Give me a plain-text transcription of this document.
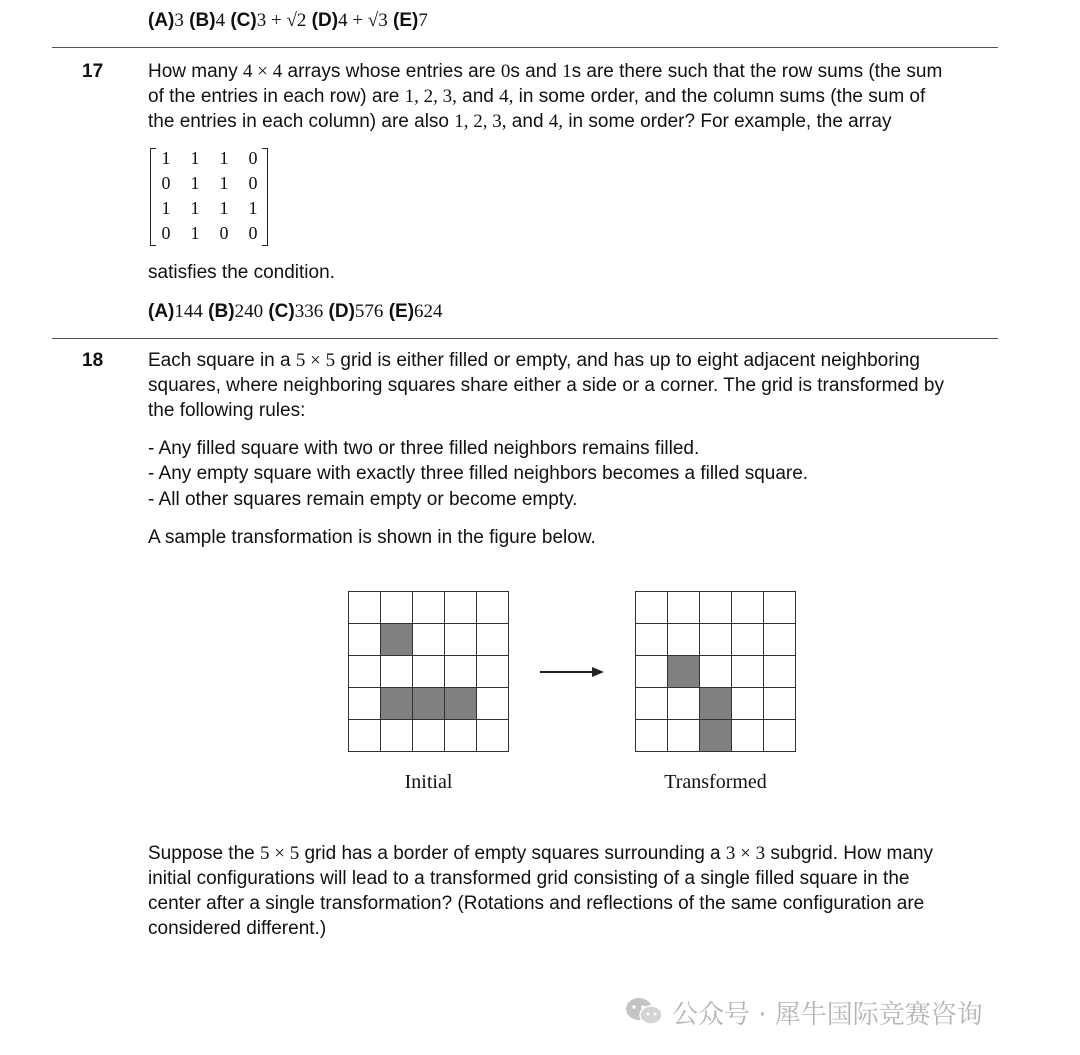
(A)3 (B)4 (C)3 + √2 (D)4 + √3 (E)7
17 How many 4 × 4 arrays whose entries are 0s and 1s are there such that the row sums (the sum
of the entries in each row) are 1, 2, 3, and 4, in some order, and the column sums (the sum of
the entries in each column) are also 1, 2, 3, and 4, in some order? For example, the array
1 1 1 0
0 1 1 0
1 1 1 1
0 1 0 0
satisfies the condition.
(A)144 (B)240 (C)336 (D)576 (E)624
18 Each square in a 5 × 5 grid is either filled or empty, and has up to eight adjacent neighboring
squares, where neighboring squares share either a side or a corner. The grid is transformed by
the following rules:
- Any filled square with two or three filled neighbors remains filled.
- Any empty square with exactly three filled neighbors becomes a filled square.
- All other squares remain empty or become empty.
A sample transformation is shown in the figure below.
Initial	Transformed
Suppose the 5 × 5 grid has a border of empty squares surrounding a 3 × 3 subgrid. How many
initial configurations will lead to a transformed grid consisting of a single filled square in the
center after a single transformation? (Rotations and reflections of the same configuration are
considered different.)
公众号 · 犀牛国际竞赛咨询
